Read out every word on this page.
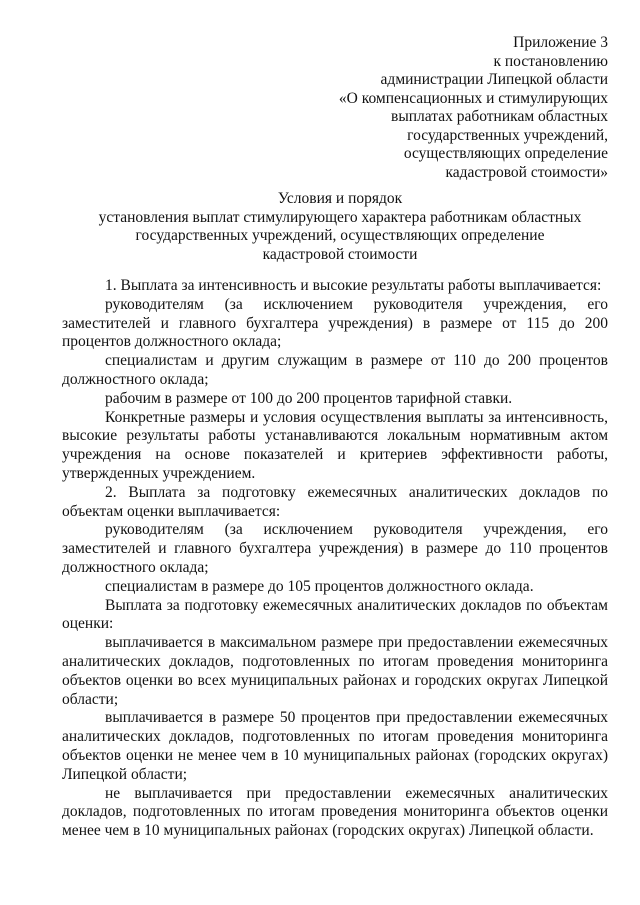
Приложение 3
к постановлению
администрации Липецкой области
«О компенсационных и стимулирующих
выплатах работникам областных
государственных учреждений,
осуществляющих определение
кадастровой стоимости»
Условия и порядок
установления выплат стимулирующего характера работникам областных
государственных учреждений, осуществляющих определение
кадастровой стоимости

1. Выплата за интенсивность и высокие результаты работы выплачивается:

руководителям (за исключением руководителя учреждения, его заместителей и главного бухгалтера учреждения) в размере от 115 до 200 процентов должностного оклада;

специалистам и другим служащим в размере от 110 до 200 процентов должностного оклада;

рабочим в размере от 100 до 200 процентов тарифной ставки.

Конкретные размеры и условия осуществления выплаты за интенсивность, высокие результаты работы устанавливаются локальным нормативным актом учреждения на основе показателей и критериев эффективности работы, утвержденных учреждением.

2. Выплата за подготовку ежемесячных аналитических докладов по объектам оценки выплачивается:

руководителям (за исключением руководителя учреждения, его заместителей и главного бухгалтера учреждения) в размере до 110 процентов должностного оклада;

специалистам в размере до 105 процентов должностного оклада.

Выплата за подготовку ежемесячных аналитических докладов по объектам оценки:

выплачивается в максимальном размере при предоставлении ежемесячных аналитических докладов, подготовленных по итогам проведения мониторинга объектов оценки во всех муниципальных районах и городских округах Липецкой области;

выплачивается в размере 50 процентов при предоставлении ежемесячных аналитических докладов, подготовленных по итогам проведения мониторинга объектов оценки не менее чем в 10 муниципальных районах (городских округах) Липецкой области;

не выплачивается при предоставлении ежемесячных аналитических докладов, подготовленных по итогам проведения мониторинга объектов оценки менее чем в 10 муниципальных районах (городских округах) Липецкой области.
